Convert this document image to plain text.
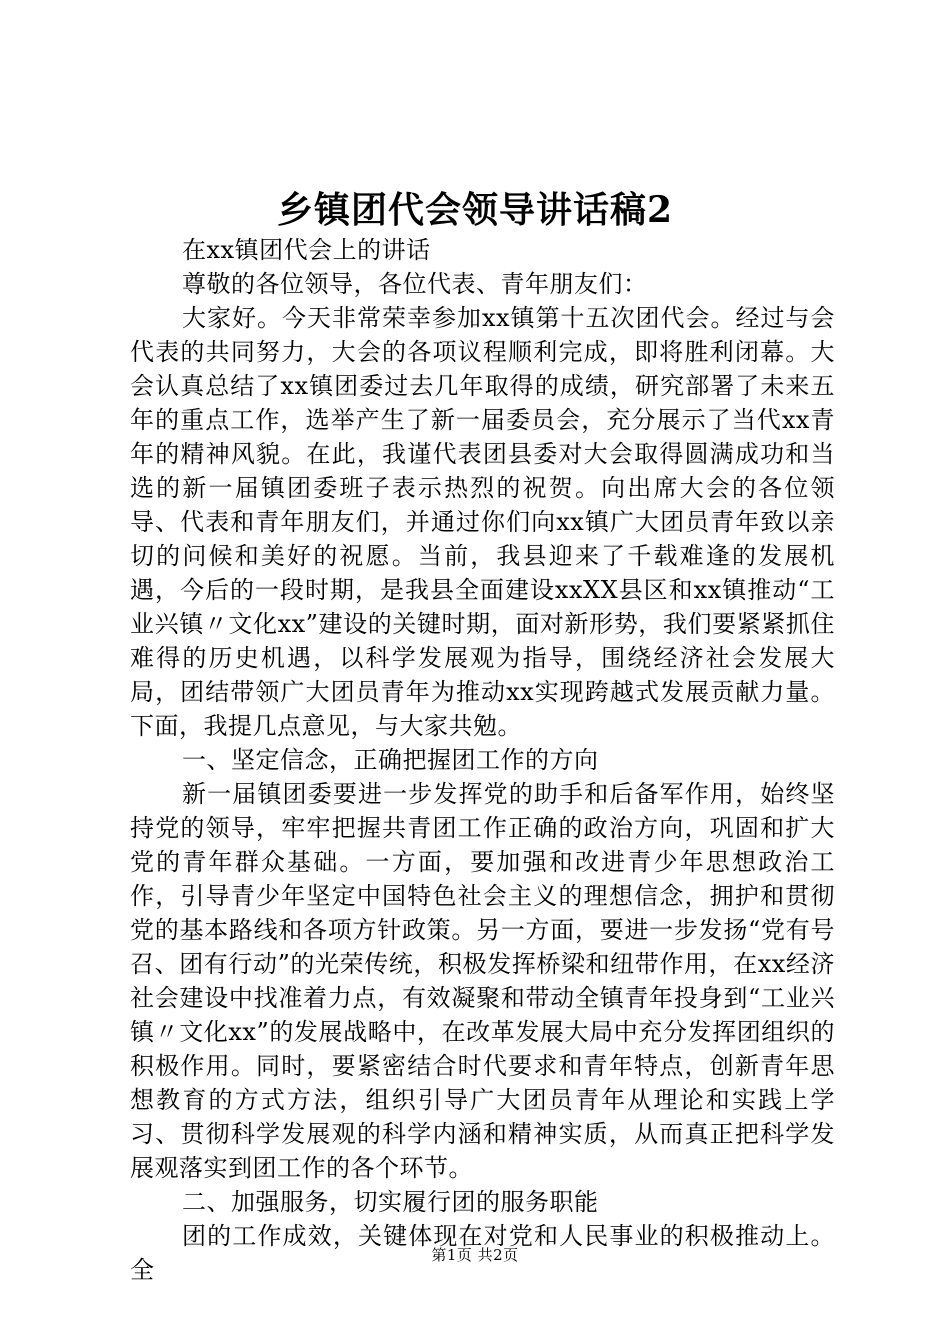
乡镇团代会领导讲话稿2

在xx镇团代会上的讲话

尊敬的各位领导，各位代表、青年朋友们：

大家好。今天非常荣幸参加xx镇第十五次团代会。经过与会代表的共同努力，大会的各项议程顺利完成，即将胜利闭幕。大会认真总结了xx镇团委过去几年取得的成绩，研究部署了未来五年的重点工作，选举产生了新一届委员会，充分展示了当代xx青年的精神风貌。在此，我谨代表团县委对大会取得圆满成功和当选的新一届镇团委班子表示热烈的祝贺。向出席大会的各位领导、代表和青年朋友们，并通过你们向xx镇广大团员青年致以亲切的问候和美好的祝愿。当前，我县迎来了千载难逢的发展机遇，今后的一段时期，是我县全面建设xxXX县区和xx镇推动“工业兴镇〃文化xx”建设的关键时期，面对新形势，我们要紧紧抓住难得的历史机遇，以科学发展观为指导，围绕经济社会发展大局，团结带领广大团员青年为推动xx实现跨越式发展贡献力量。下面，我提几点意见，与大家共勉。

一、坚定信念，正确把握团工作的方向

新一届镇团委要进一步发挥党的助手和后备军作用，始终坚持党的领导，牢牢把握共青团工作正确的政治方向，巩固和扩大党的青年群众基础。一方面，要加强和改进青少年思想政治工作，引导青少年坚定中国特色社会主义的理想信念，拥护和贯彻党的基本路线和各项方针政策。另一方面，要进一步发扬“党有号召、团有行动”的光荣传统，积极发挥桥梁和纽带作用，在xx经济社会建设中找准着力点，有效凝聚和带动全镇青年投身到“工业兴镇〃文化xx”的发展战略中，在改革发展大局中充分发挥团组织的积极作用。同时，要紧密结合时代要求和青年特点，创新青年思想教育的方式方法，组织引导广大团员青年从理论和实践上学习、贯彻科学发展观的科学内涵和精神实质，从而真正把科学发展观落实到团工作的各个环节。

二、加强服务，切实履行团的服务职能

团的工作成效，关键体现在对党和人民事业的积极推动上。全

第1页 共2页
